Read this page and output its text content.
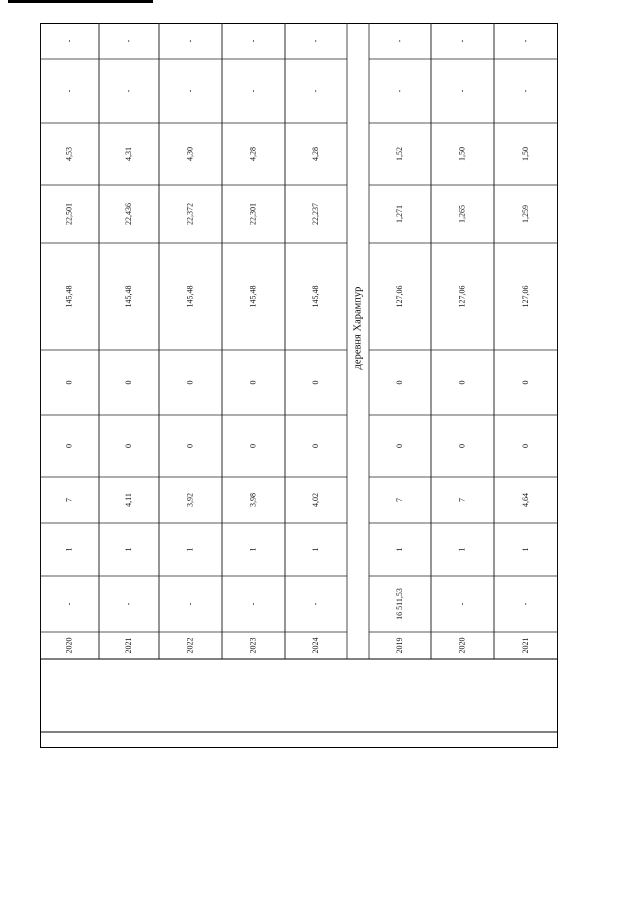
-
-
4,53
22,501
145,48
0
0
7
1
-
2020
-
-
4,31
22,436
145,48
0
0
4,11
1
-
2021
-
-
4,30
22,372
145,48
0
0
3,92
1
-
2022
-
-
4,28
22,301
145,48
0
0
3,98
1
-
2023
-
-
4,28
22,237
145,48
0
0
4,02
1
-
2024
-
-
1,52
1,271
127,06
0
0
7
1
16 511,53
2019
-
-
1,50
1,265
127,06
0
0
7
1
-
2020
-
-
1,50
1,259
127,06
0
0
4,64
1
-
2021
деревня Харампур
